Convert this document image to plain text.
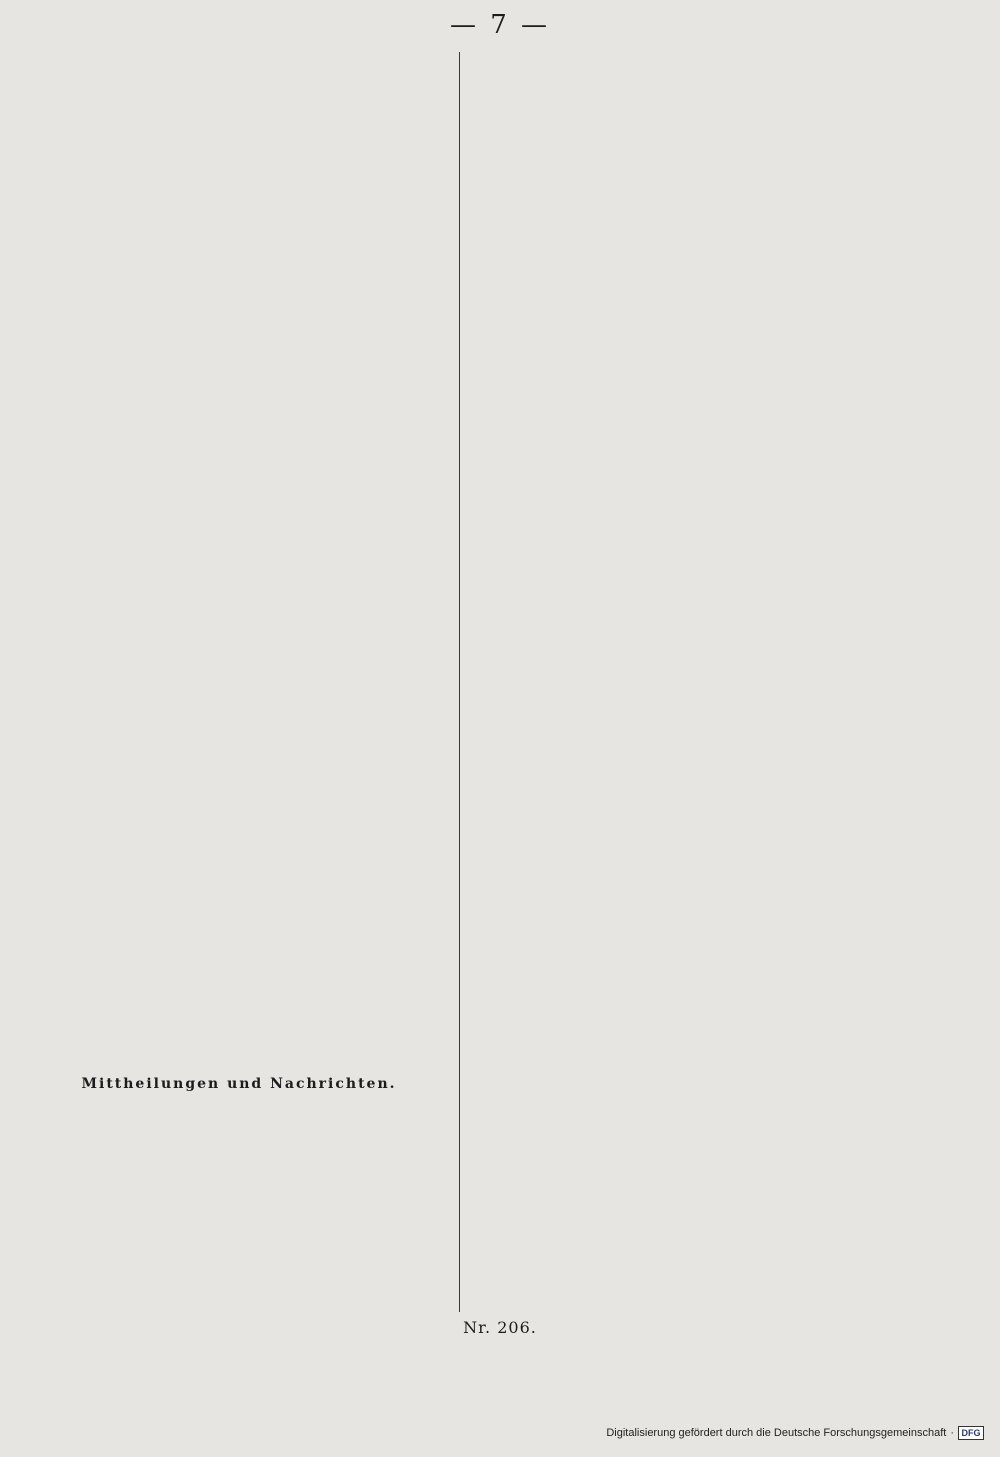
— 7 —
Mittheilungen und Nachrichten.
Nr. 206.
Digitalisierung gefördert durch die Deutsche Forschungsgemeinschaft · DFG
